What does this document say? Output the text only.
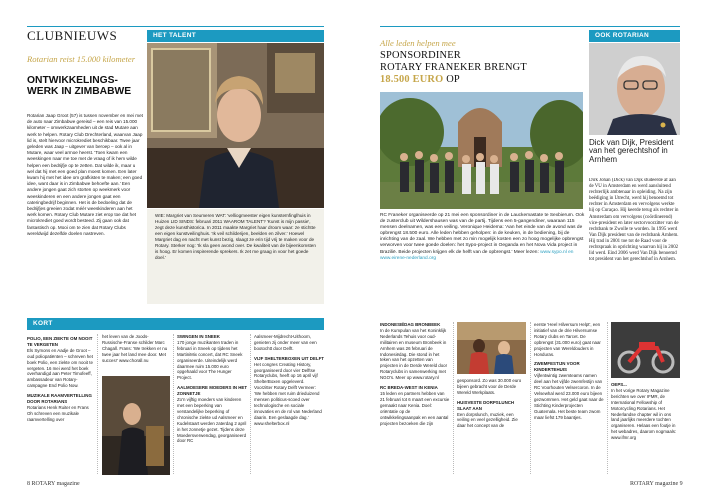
CLUBNIEUWS	HET TALENT
Rotarian reist 15.000 kilometer
ONTWIKKELINGS-WERK IN ZIMBABWE

Rotarian Jaap Groot (57) is tussen november en mei met de auto naar Zimbabwe gereisd – een reis van 15.000 kilometer – omwerkzaamheden uit de stad Mutare aan werk te helpen. Rotary Club Drechterland, waarvan Jaap lid is, stelt hiervoor microkrediet beschikbaar. Twee jaar geleden was Jaap – uitgever van beroep – ook al in Mutare, waar veel armoe heerst. 'Toen kwam een weeskingen naar me toe met de vraag of ik hem wilde helpen een bedrijfje op te zetten. Dat wilde ik, maar u wel dat hij met een goed plan moest komen. Een later kwam hij met het idee om grafkisten te maken; een goed idee, want daar is in Zimbabwe behoefte aan.' Een andere jongen gaat zich storten op weekmerk voor weeskinderen en een andere jongen gaat een cateringbedrijf beginnen. Het is de bedoeling dat de bedrijfjes greeien zodat méér weeskinderen aan het werk komen. Rotary Club Mutare ziet erop toe dat het microkrediet goed wordt besteed. Zij gaan ook dat fantastisch op. Mooi om te zien dat Rotary Clubs wereldwijd dezelfde doelen nastreven.

WIE: Margriet van Seumeren WAT: 'velliogmeester eigen kunsteïnfinglhuis in Huizen LID SINDS: februari 2011 WAAROM TALENT? 'Kunst is mijn passie', zegt deze kunsthistorica. In 2011 maakte Margriet haar droom waar: ze stichtte een eigen kunstveilinghuis. 'Ik veil schilderijen, beelden en zilver.' Hoewel Margriet dag en nacht met kunst bezig, slaagt ze erin tijd vrij te maken voor de Rotary. Sterker nog: 'Ik sla geen avond over. De kwaliteit van de bijeenkomsten is hoog. Er komen inspirerende sprekers. Ik zet me graag in voor het goede doel.'
KORT
POLIO, EEN ZIEKTE OM NOOIT TE VERGETEN
Els Symons en Aadje de Groot – oud poliopatiënten – schreven het boek Polio, een ziekte om nooit te vergeten. 16 mei werd het boek overhandigd aan Peter Timofeeff, ambassadeur van Rotary-campagne End Polio Now.
MUZIKALE RAAMVERTELLING DOOR ROTARIANS
Rotarians Henk Ruiter en Frans Oh schreven een muzikale raamvertelling over
het leven van de Joods-Russische-Franse schilder Marc Chagall. Frans: 'We trekken er nu twee jaar het land mee door. Met succes!' www.chorall.nu
SWINGEN IN SNEEK
170 jonge muzikanten traden in februari in Sneek op tijdens het MartiniMix concert, dat RC Sneek organiseerde. Uiteindelijk werd daarmee ruim 15.000 euro opgehaald voor The Hunger Project.
AALMOESERE MOEDERS IN HET ZONNETJE
Zo'n vijftig moeders van kinderen met een beperking van verstandelijke beperking of chronische ziekte ud Aalsmeer en Kudelstaart werden zaterdag 2 april in het zonnetje gezet. Tijdens deze Moedersverwendag, georganiseerd door RC
Aalsmeer-Mijdrecht-Uithoorn, genieten zij onder meer van een bootochtt door Delft.
VIJF SHELTERBOXEN UIT DELFT
Het congres Creating History, georganiseerd door vier Delftse Rotaryclubs, heeft op 16 april vijf ShelterBoxen opgeleverd. Voorzitter Rotary Delft Vermeer: 'We hebben met ruim drieduizend mensen politicus-scoed over technologische en sociale innovaties en de rol van Nederland daarin. Een geslaagde dag.' www.shelterbox.nl
8 ROTARY magazine
Alle leden helpen mee
SPONSORDINER
ROTARY FRANEKER BRENGT
18.500 EURO OP
RC Franeker organiseerde op 21 mei een sponsordiner in de Lauckemastate te Sexbierum. Ook de zusterclub uit Wildershausen was van de partij. Tijdens een 5-gangendiner, waaraan 115 mensen deelnamen, was een veiling. Veronique Heidema: 'Aan het einde van de avond was de opbrengst 18.500 euro. Alle leden hebben geholpen: in de keuken, in de bediening, bij de inrichting van de zaal. We hebben met zo min mogelijk kosten een zo hoog mogelijke opbrengst verworven voor twee goede doelen: het Sypo-project in Oeganda en het Nova Vida project in Brazilië. Beide projecten krijgen elk de helft van de opbrengst.' Meer lezen: www.sypo.nl en www.eirene-nederland.org
OOK ROTARIAN
Dick van Dijk, President van het gerechtshof in Arnhem
Dirk Johan (Dick) van Dijk studeerde af aan de VU in Amsterdam en werd aansluitend rechterlijk ambtenaar in opleiding. Na zijn beëdiging in Utrecht, werd hij benoemd tot rechter in Amsterdam en vervolgens werkte hij op Curaçao. Hij keerde terug als rechter in Amsterdam om vervolgens (coördinerend) vice-president en later sectorvoorzitter van de rechtbank te Zwolle te worden. In 1995 werd Van Dijk president van de rechtbank Arnhem. Hij trad in 2001 toe tot de Raad voor de rechtspraak in oprichting waarvan hij in 2002 lid werd. Eind 2006 werd Van Dijk benoemd tot president van het gerechtshof in Arnhem.
INDONESIËDAG BRONBEEK
In de Kumpulan van het Koninklijk Nederlands Tehuis voor oud-militairen en museum Bronbeek in Arnhem was 26 februari de Indonesiëdag. Die stond in het teken van het opzetten van projecten in de Derde Wereld door Rotaryclubs in samenwerking met NGO's. Meer op www.rotary.nl
RC BREDA-WEST IN KENIA
15 leden en partners hebben van 21 februari tot 6 maart een excursie gemaakt naar Kenia. Doel: oriëntatie op de ontwikkelingsaanpak en een aantal projecten bezoeken die zijn
gesponsord. Zo was 30.000 euro bijeen gebracht voor de Derde Wereld Werkplaats.
HUISVESTE DORPSLUNCH SLAAT AAN
Een dorpslunch, muziek, een veiling en veel gezelligheid. Zie daar het concept van de
eerste 'Heel Hilversum Helpt', een initiatief van de drie Hilversumse Rotary clubs en Tarcet. De opbrengst (31.000 euro) gaat naar projecten van Wereldouders in Honduras.
ZWEMFESTIJN VOOR KINDERTEHUIS
Vijfentwintig zwemteams namen deel aan het vijfde zwemfestijn van RC Voorhouten Velsercoron. In de Velsewhal werd 23.000 euro bijeen gezwommen. Het geld gaat naar de Stichting Kinderprojecten Guatemala. Het beste team zwom maar liefst 179 baantjes.
OEPS...
In het vorige Rotary Magazine berichten we over IFMR, de International Fellowship of Motorcycling Rotarians. Het Nederlandse chapter wil in ons land jaarlijks meerdere tochten organiseren. Helaas een foutje in het webadres, daarom nogmaals: www.ifmr.org
ROTARY magazine 9
